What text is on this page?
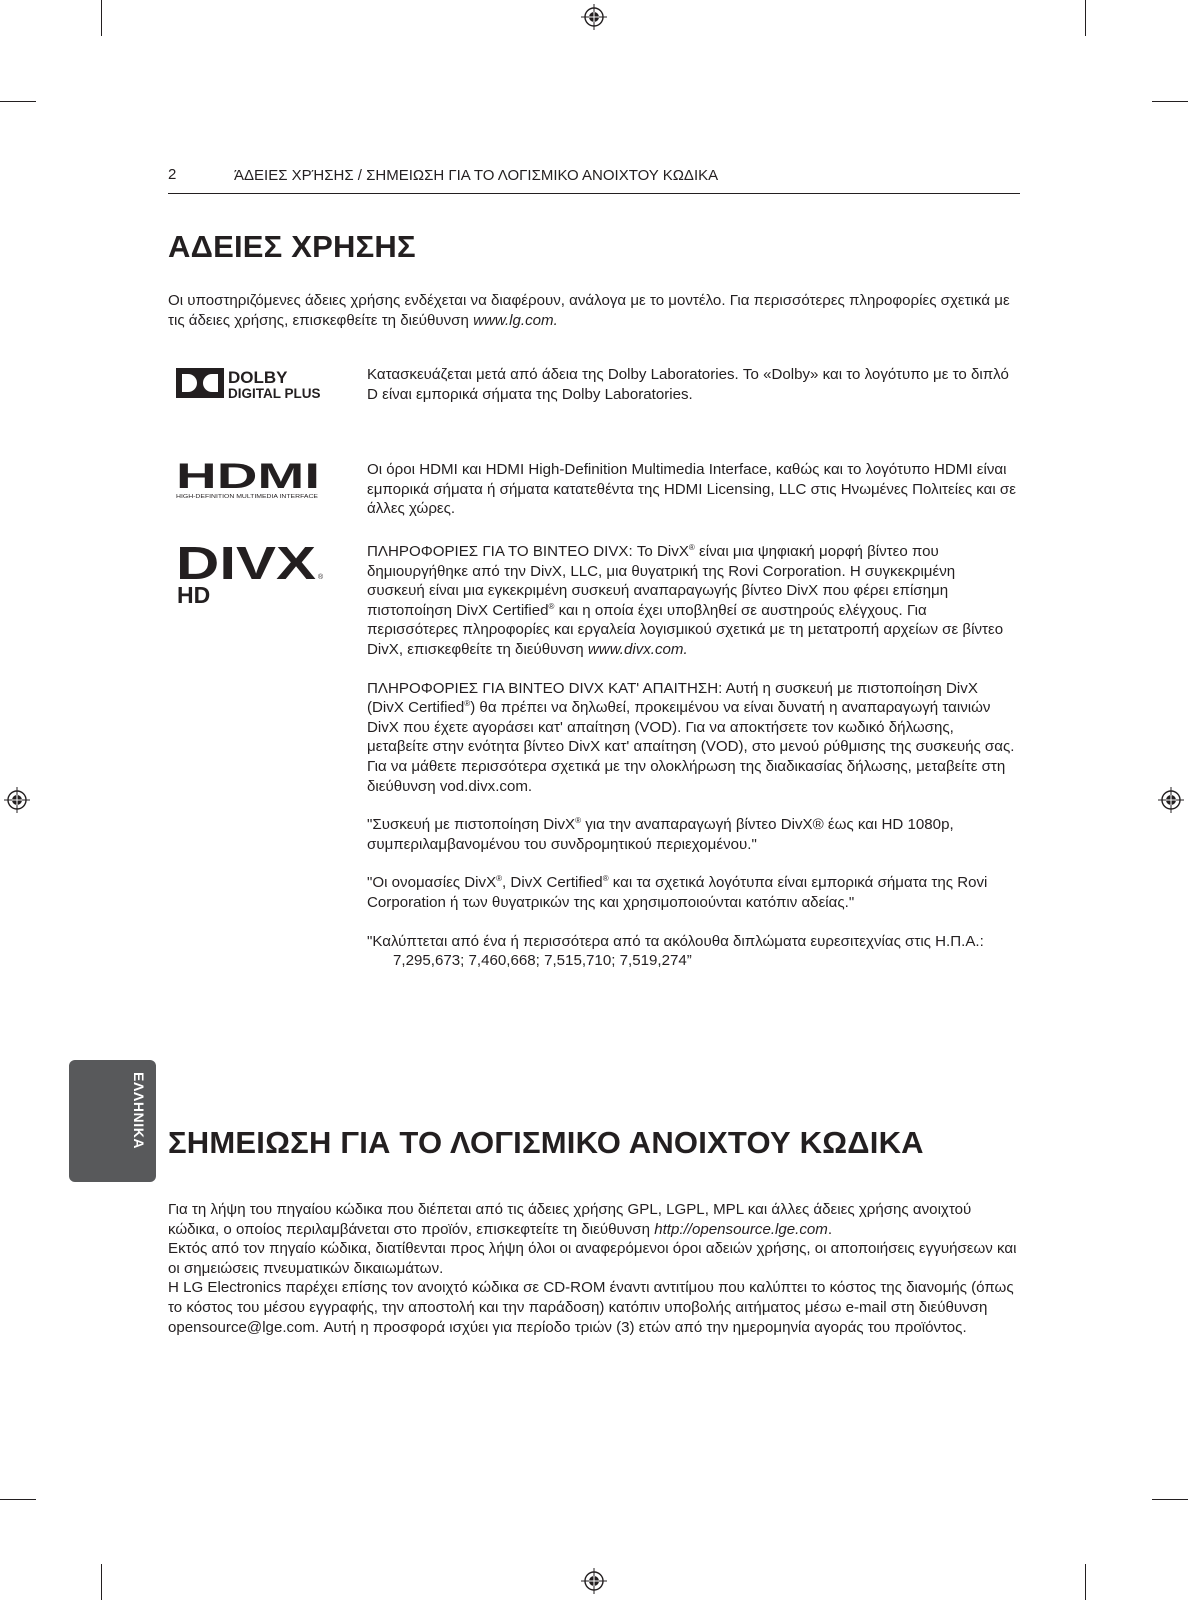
2	ΆΔΕΙΕΣ ΧΡΉΣΗΣ / ΣΗΜΕΙΩΣΗ ΓΙΑ ΤΟ ΛΟΓΙΣΜΙΚΟ ΑΝΟΙΧΤΟΥ ΚΩΔΙΚΑ
ΑΔΕΙΕΣ ΧΡΗΣΗΣ
Οι υποστηριζόμενες άδειες χρήσης ενδέχεται να διαφέρουν, ανάλογα με το μοντέλο. Για περισσότερες πληροφορίες σχετικά με τις άδειες χρήσης, επισκεφθείτε τη διεύθυνση www.lg.com.
DOLBY
DIGITAL PLUS
Κατασκευάζεται μετά από άδεια της Dolby Laboratories. Το «Dolby» και το λογότυπο με το διπλό D είναι εμπορικά σήματα της Dolby Laboratories.
HDMI
HIGH-DEFINITION MULTIMEDIA INTERFACE
Οι όροι HDMI και HDMI High-Definition Multimedia Interface, καθώς και το λογότυπο HDMI είναι εμπορικά σήματα ή σήματα κατατεθέντα της HDMI Licensing, LLC στις Ηνωμένες Πολιτείες και σε άλλες χώρες.
DIVX
HD
®

ΠΛΗΡΟΦΟΡΙΕΣ ΓΙΑ ΤΟ ΒΙΝΤΕΟ DIVX: Το DivX® είναι μια ψηφιακή μορφή βίντεο που δημιουργήθηκε από την DivX, LLC, μια θυγατρική της Rovi Corporation. Η συγκεκριμένη συσκευή είναι μια εγκεκριμένη συσκευή αναπαραγωγής βίντεο DivX που φέρει επίσημη πιστοποίηση DivX Certified® και η οποία έχει υποβληθεί σε αυστηρούς ελέγχους. Για περισσότερες πληροφορίες και εργαλεία λογισμικού σχετικά με τη μετατροπή αρχείων σε βίντεο DivX, επισκεφθείτε τη διεύθυνση www.divx.com.

ΠΛΗΡΟΦΟΡΙΕΣ ΓΙΑ ΒΙΝΤΕΟ DIVX ΚΑΤ' ΑΠΑΙΤΗΣΗ: Αυτή η συσκευή με πιστοποίηση DivX (DivX Certified®) θα πρέπει να δηλωθεί, προκειμένου να είναι δυνατή η αναπαραγωγή ταινιών DivX που έχετε αγοράσει κατ' απαίτηση (VOD). Για να αποκτήσετε τον κωδικό δήλωσης, μεταβείτε στην ενότητα βίντεο DivX κατ' απαίτηση (VOD), στο μενού ρύθμισης της συσκευής σας. Για να μάθετε περισσότερα σχετικά με την ολοκλήρωση της διαδικασίας δήλωσης, μεταβείτε στη διεύθυνση vod.divx.com.

"Συσκευή με πιστοποίηση DivX® για την αναπαραγωγή βίντεο DivX® έως και HD 1080p, συμπεριλαμβανομένου του συνδρομητικού περιεχομένου."

"Οι ονομασίες DivX®, DivX Certified® και τα σχετικά λογότυπα είναι εμπορικά σήματα της Rovi Corporation ή των θυγατρικών της και χρησιμοποιούνται κατόπιν αδείας."

"Καλύπτεται από ένα ή περισσότερα από τα ακόλουθα διπλώματα ευρεσιτεχνίας στις Η.Π.Α.:
7,295,673; 7,460,668; 7,515,710; 7,519,274”

ΕΛΛΗΝΙΚΑ ΣΗΜΕΙΩΣΗ ΓΙΑ ΤΟ ΛΟΓΙΣΜΙΚΟ ΑΝΟΙΧΤΟΥ ΚΩΔΙΚΑ

Για τη λήψη του πηγαίου κώδικα που διέπεται από τις άδειες χρήσης GPL, LGPL, MPL και άλλες άδειες χρήσης ανοιχτού κώδικα, ο οποίος περιλαμβάνεται στο προϊόν, επισκεφτείτε τη διεύθυνση http://opensource.lge.com.

Εκτός από τον πηγαίο κώδικα, διατίθενται προς λήψη όλοι οι αναφερόμενοι όροι αδειών χρήσης, οι αποποιήσεις εγγυήσεων και οι σημειώσεις πνευματικών δικαιωμάτων.

Η LG Electronics παρέχει επίσης τον ανοιχτό κώδικα σε CD-ROM έναντι αντιτίμου που καλύπτει το κόστος της διανομής (όπως το κόστος του μέσου εγγραφής, την αποστολή και την παράδοση) κατόπιν υποβολής αιτήματος μέσω e-mail στη διεύθυνση opensource@lge.com. Αυτή η προσφορά ισχύει για περίοδο τριών (3) ετών από την ημερομηνία αγοράς του προϊόντος.
